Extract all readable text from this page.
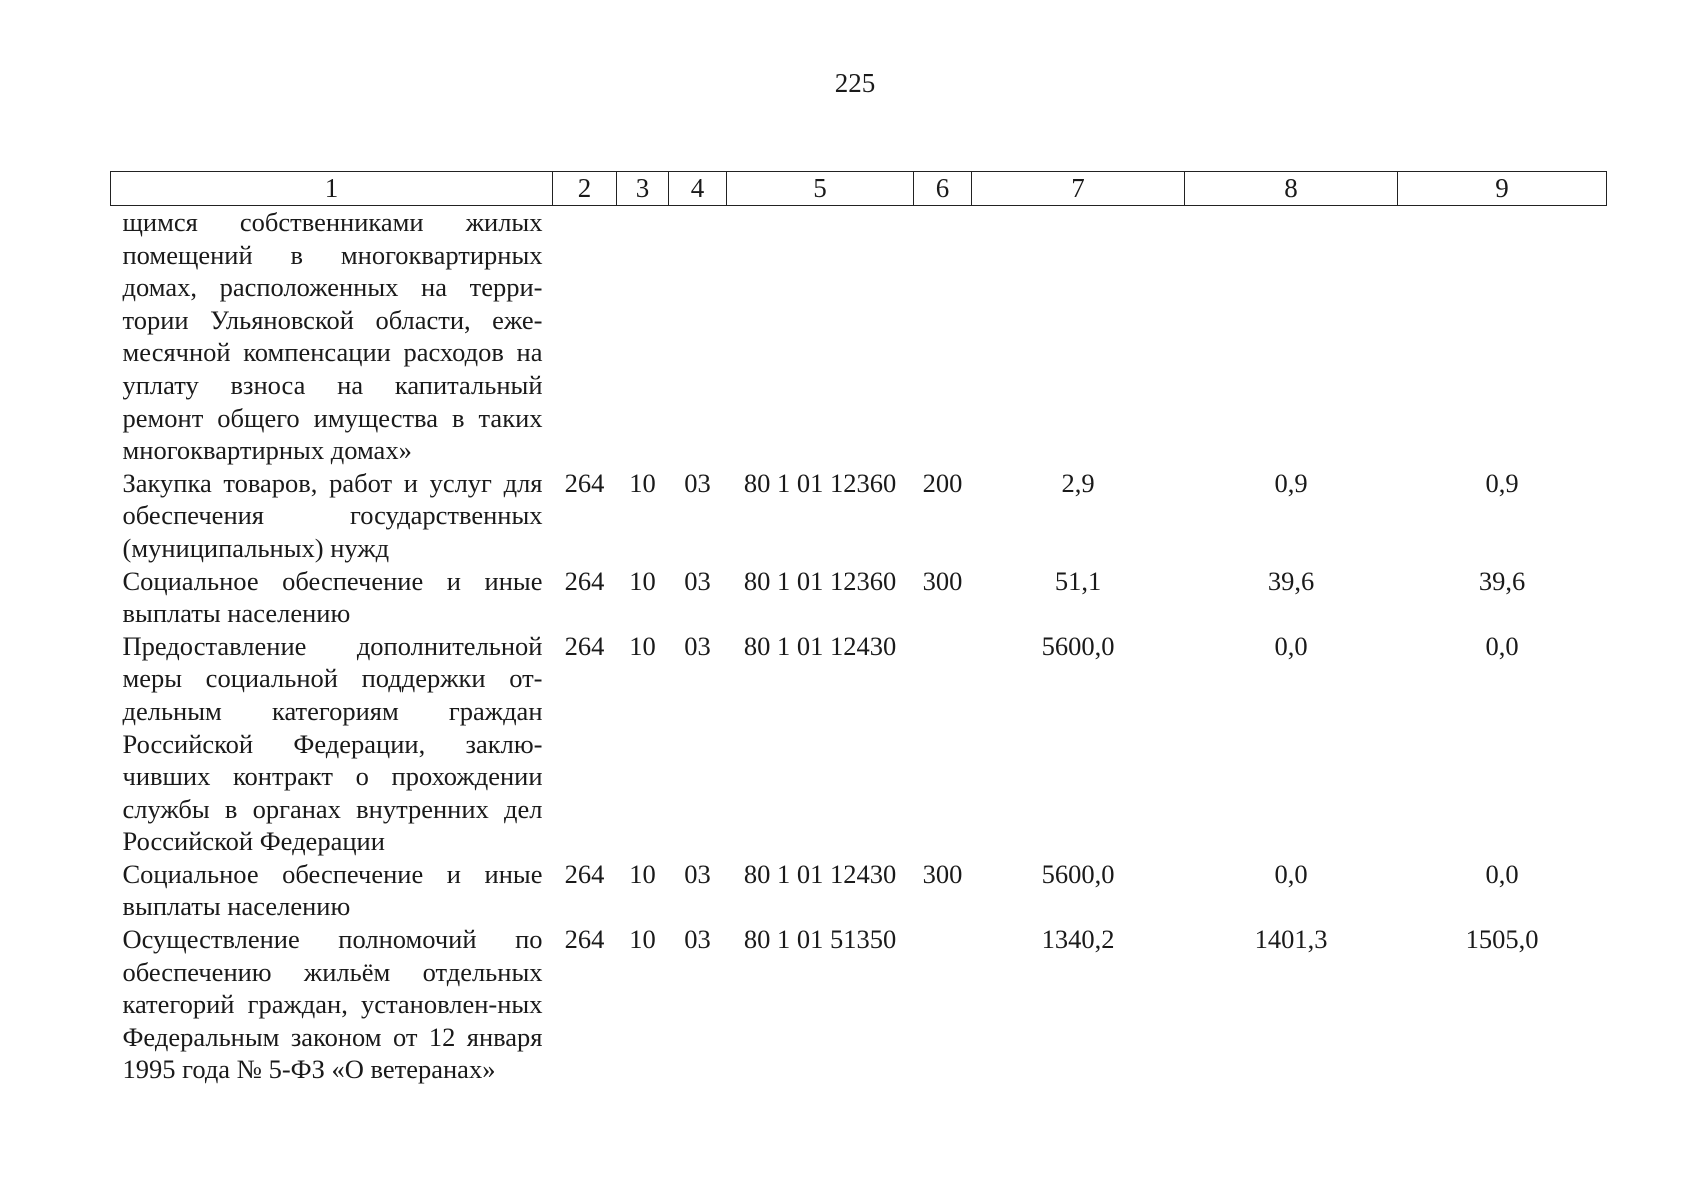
225
1	2	3	4	5	6	7	8	9
щимся собственниками жилых помещений в многоквартирных домах, расположенных на терри-тории Ульяновской области, еже-месячной компенсации расходов на уплату взноса на капитальный ремонт общего имущества в таких многоквартирных домах»								
Закупка товаров, работ и услуг для обеспечения государственных (муниципальных) нужд	264	10	03	80 1 01 12360	200	2,9	0,9	0,9
Социальное обеспечение и иные выплаты населению	264	10	03	80 1 01 12360	300	51,1	39,6	39,6
Предоставление дополнительной меры социальной поддержки от-дельным категориям граждан Российской Федерации, заклю-чивших контракт о прохождении службы в органах внутренних дел Российской Федерации	264	10	03	80 1 01 12430		5600,0	0,0	0,0
Социальное обеспечение и иные выплаты населению	264	10	03	80 1 01 12430	300	5600,0	0,0	0,0
Осуществление полномочий по обеспечению жильём отдельных категорий граждан, установлен-ных Федеральным законом от 12 января 1995 года № 5-ФЗ «О ветеранах»	264	10	03	80 1 01 51350		1340,2	1401,3	1505,0
